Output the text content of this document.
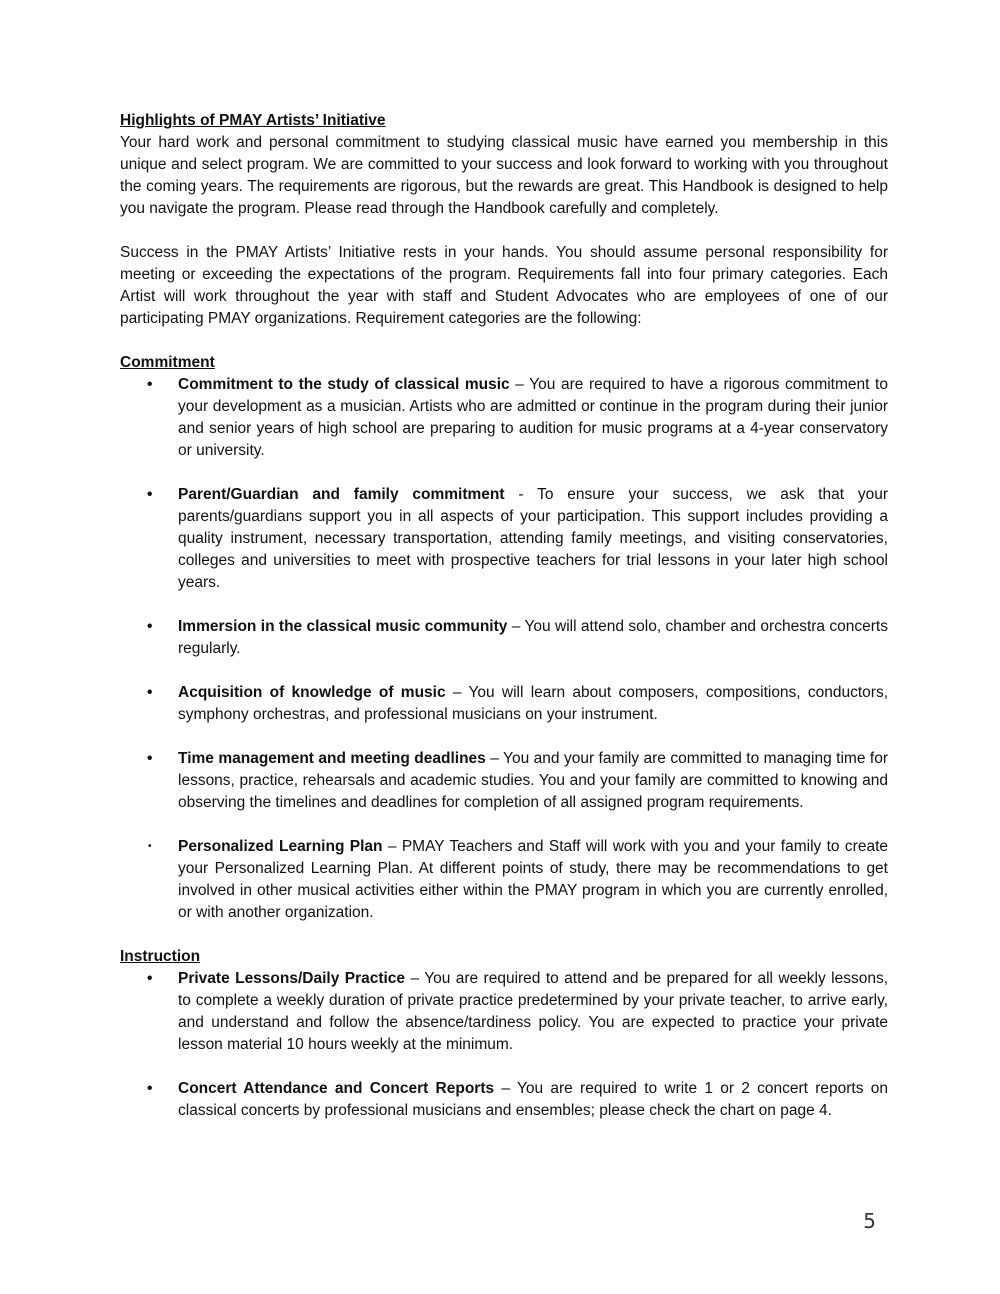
Highlights of PMAY Artists’ Initiative

Your hard work and personal commitment to studying classical music have earned you membership in this unique and select program. We are committed to your success and look forward to working with you throughout the coming years. The requirements are rigorous, but the rewards are great. This Handbook is designed to help you navigate the program. Please read through the Handbook carefully and completely.

Success in the PMAY Artists’ Initiative rests in your hands. You should assume personal responsibility for meeting or exceeding the expectations of the program. Requirements fall into four primary categories. Each Artist will work throughout the year with staff and Student Advocates who are employees of one of our participating PMAY organizations. Requirement categories are the following:

Commitment

• Commitment to the study of classical music – You are required to have a rigorous commitment to your development as a musician. Artists who are admitted or continue in the program during their junior and senior years of high school are preparing to audition for music programs at a 4-year conservatory or university.
• Parent/Guardian and family commitment - To ensure your success, we ask that your parents/guardians support you in all aspects of your participation. This support includes providing a quality instrument, necessary transportation, attending family meetings, and visiting conservatories, colleges and universities to meet with prospective teachers for trial lessons in your later high school years.
• Immersion in the classical music community – You will attend solo, chamber and orchestra concerts regularly.
• Acquisition of knowledge of music – You will learn about composers, compositions, conductors, symphony orchestras, and professional musicians on your instrument.
• Time management and meeting deadlines – You and your family are committed to managing time for lessons, practice, rehearsals and academic studies. You and your family are committed to knowing and observing the timelines and deadlines for completion of all assigned program requirements.
• Personalized Learning Plan – PMAY Teachers and Staff will work with you and your family to create your Personalized Learning Plan. At different points of study, there may be recommendations to get involved in other musical activities either within the PMAY program in which you are currently enrolled, or with another organization.

Instruction

• Private Lessons/Daily Practice – You are required to attend and be prepared for all weekly lessons, to complete a weekly duration of private practice predetermined by your private teacher, to arrive early, and understand and follow the absence/tardiness policy. You are expected to practice your private lesson material 10 hours weekly at the minimum.
• Concert Attendance and Concert Reports – You are required to write 1 or 2 concert reports on classical concerts by professional musicians and ensembles; please check the chart on page 4.
5
